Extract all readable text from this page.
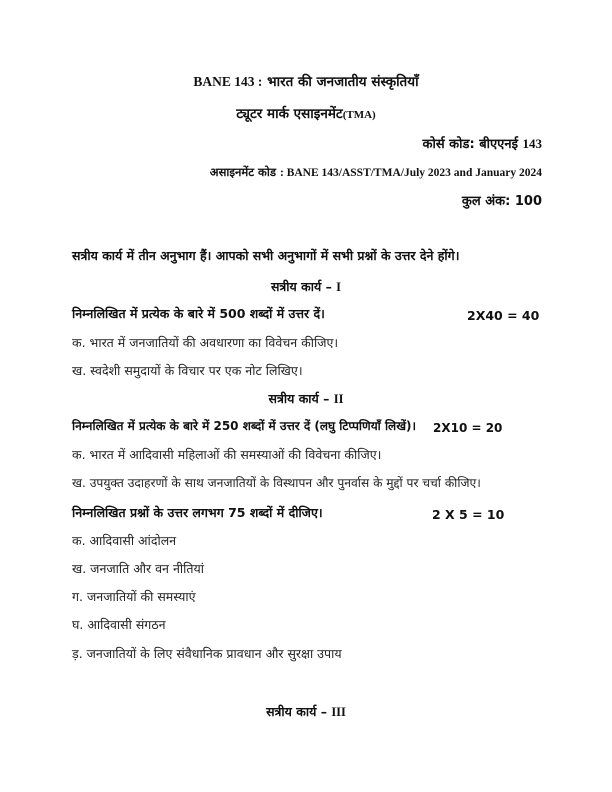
BANE 143 : भारत की जनजातीय संस्कृतियाँ
ट्यूटर मार्क एसाइनमेंट(TMA)
कोर्स कोड: बीएएनई 143
असाइनमेंट कोड : BANE 143/ASST/TMA/July 2023 and January 2024
कुल अंक: 100
सत्रीय कार्य में तीन अनुभाग हैं। आपको सभी अनुभागों में सभी प्रश्नों के उत्तर देने होंगे।
सत्रीय कार्य – I
निम्नलिखित में प्रत्येक के बारे में 500 शब्दों में उत्तर दें।	2X40 = 40
क. भारत में जनजातियों की अवधारणा का विवेचन कीजिए।
ख. स्वदेशी समुदायों के विचार पर एक नोट लिखिए।
सत्रीय कार्य – II
निम्नलिखित में प्रत्येक के बारे में 250 शब्दों में उत्तर दें (लघु टिप्पणियाँ लिखें)। 2X10 = 20
क. भारत में आदिवासी महिलाओं की समस्याओं की विवेचना कीजिए।
ख. उपयुक्त उदाहरणों के साथ जनजातियों के विस्थापन और पुनर्वास के मुद्दों पर चर्चा कीजिए।
निम्नलिखित प्रश्नों के उत्तर लगभग 75 शब्दों में दीजिए।	2 X 5 = 10
क. आदिवासी आंदोलन
ख. जनजाति और वन नीतियां
ग. जनजातियों की समस्याएं
घ. आदिवासी संगठन
ड़. जनजातियों के लिए संवैधानिक प्रावधान और सुरक्षा उपाय
सत्रीय कार्य – III
